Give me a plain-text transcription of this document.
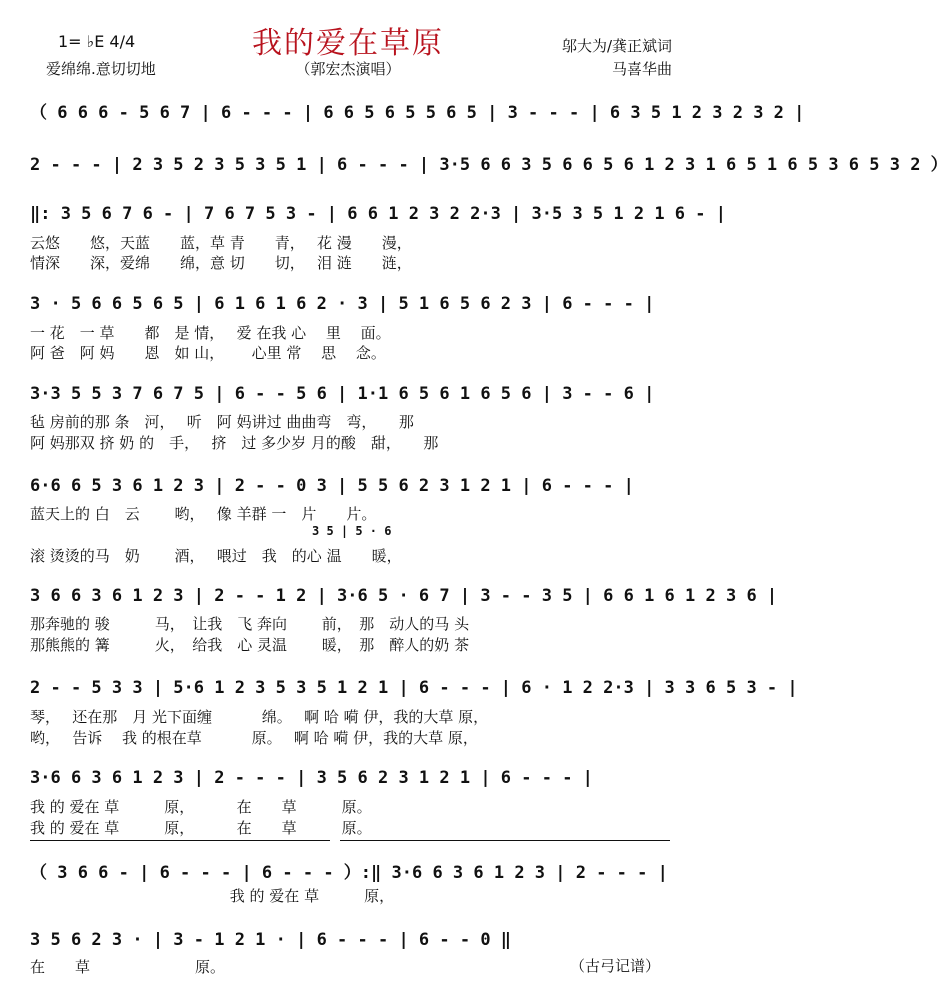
我的爱在草原
1= ♭E 4/4
爱绵绵.意切切地	（郭宏杰演唱）
邬大为/龚正斌词
马喜华曲
（ 6 6 6 - 5 6 7 | 6 - - - | 6 6 5 6 5 5 6 5 | 3 - - - | 6 3 5 1 2 3 2 3 2 |
2 - - - | 2 3 5 2 3 5 3 5 1 | 6 - - - | 3·5 6 6 3 5 6 6 5 6 1 2 3 1 6 5 1 6 5 3 6 5 3 2 ）
‖: 3 5 6 7 6 - | 7 6 7 5 3 - | 6 6 1 2 3 2 2·3 | 3·5 3 5 1 2 1 6 - |
云悠　　悠，天蓝　　蓝，草 青　　青，　 花 漫　　漫，
情深　　深，爱绵　　绵，意 切　　切，　 泪 涟　　涟，
3 · 5 6 6 5 6 5 | 6 1 6 1 6 2 · 3 | 5 1 6 5 6 2 3 | 6 - - - |
一 花　一 草　　都　是 情，　 爱 在我 心　 里　 面。
阿 爸　阿 妈　　恩　如 山，　　 心里 常　 思　 念。
3·3 5 5 3 7 6 7 5 | 6 - - 5 6 | 1·1 6 5 6 1 6 5 6 | 3 - - 6 |
毡 房前的那 条　河，　 听　阿 妈讲过 曲曲弯　弯，　　那
阿 妈那双 挤 奶 的　手，　 挤　过 多少岁 月的酸　甜，　　那
6·6 6 5 3 6 1 2 3 | 2 - - 0 3 | 5 5 6 2 3 1 2 1 | 6 - - - |
蓝天上的 白　云　　 哟，　 像 羊群 一　片　　片。
3 5 | 5 · 6
滚 烫烫的马　奶　　 酒，　 喂过　我　的心 温　　暖，
3 6 6 3 6 1 2 3 | 2 - - 1 2 | 3·6 5 · 6 7 | 3 - - 3 5 | 6 6 1 6 1 2 3 6 |
那奔驰的 骏　　　马，　让我　飞 奔向　　 前，　那　动人的马 头
那熊熊的 篝　　　火，　给我　心 灵温　　 暖，　那　醉人的奶 茶
2 - - 5 3 3 | 5·6 1 2 3 5 3 5 1 2 1 | 6 - - - | 6 · 1 2 2·3 | 3 3 6 5 3 - |
琴，　 还在那　月 光下面缠　　　 绵。　 啊 哈 嗬 伊，我的大草 原，
哟，　 告诉　 我 的根在草　　　 原。　 啊 哈 嗬 伊，我的大草 原，
3·6 6 3 6 1 2 3 | 2 - - - | 3 5 6 2 3 1 2 1 | 6 - - - |
我 的 爱在 草　　　原，　　　 在　　草　　　原。
我 的 爱在 草　　　原，　　　 在　　草　　　原。
（ 3 6 6 - | 6 - - - | 6 - - - ）:‖ 3·6 6 3 6 1 2 3 | 2 - - - |
　　　　　　　　　　　　　 我 的 爱在 草　　　原，
3 5 6 2 3 · | 3 - 1 2 1 · | 6 - - - | 6 - - 0 ‖
在　　草　　　　　　　原。	（古弓记谱）
